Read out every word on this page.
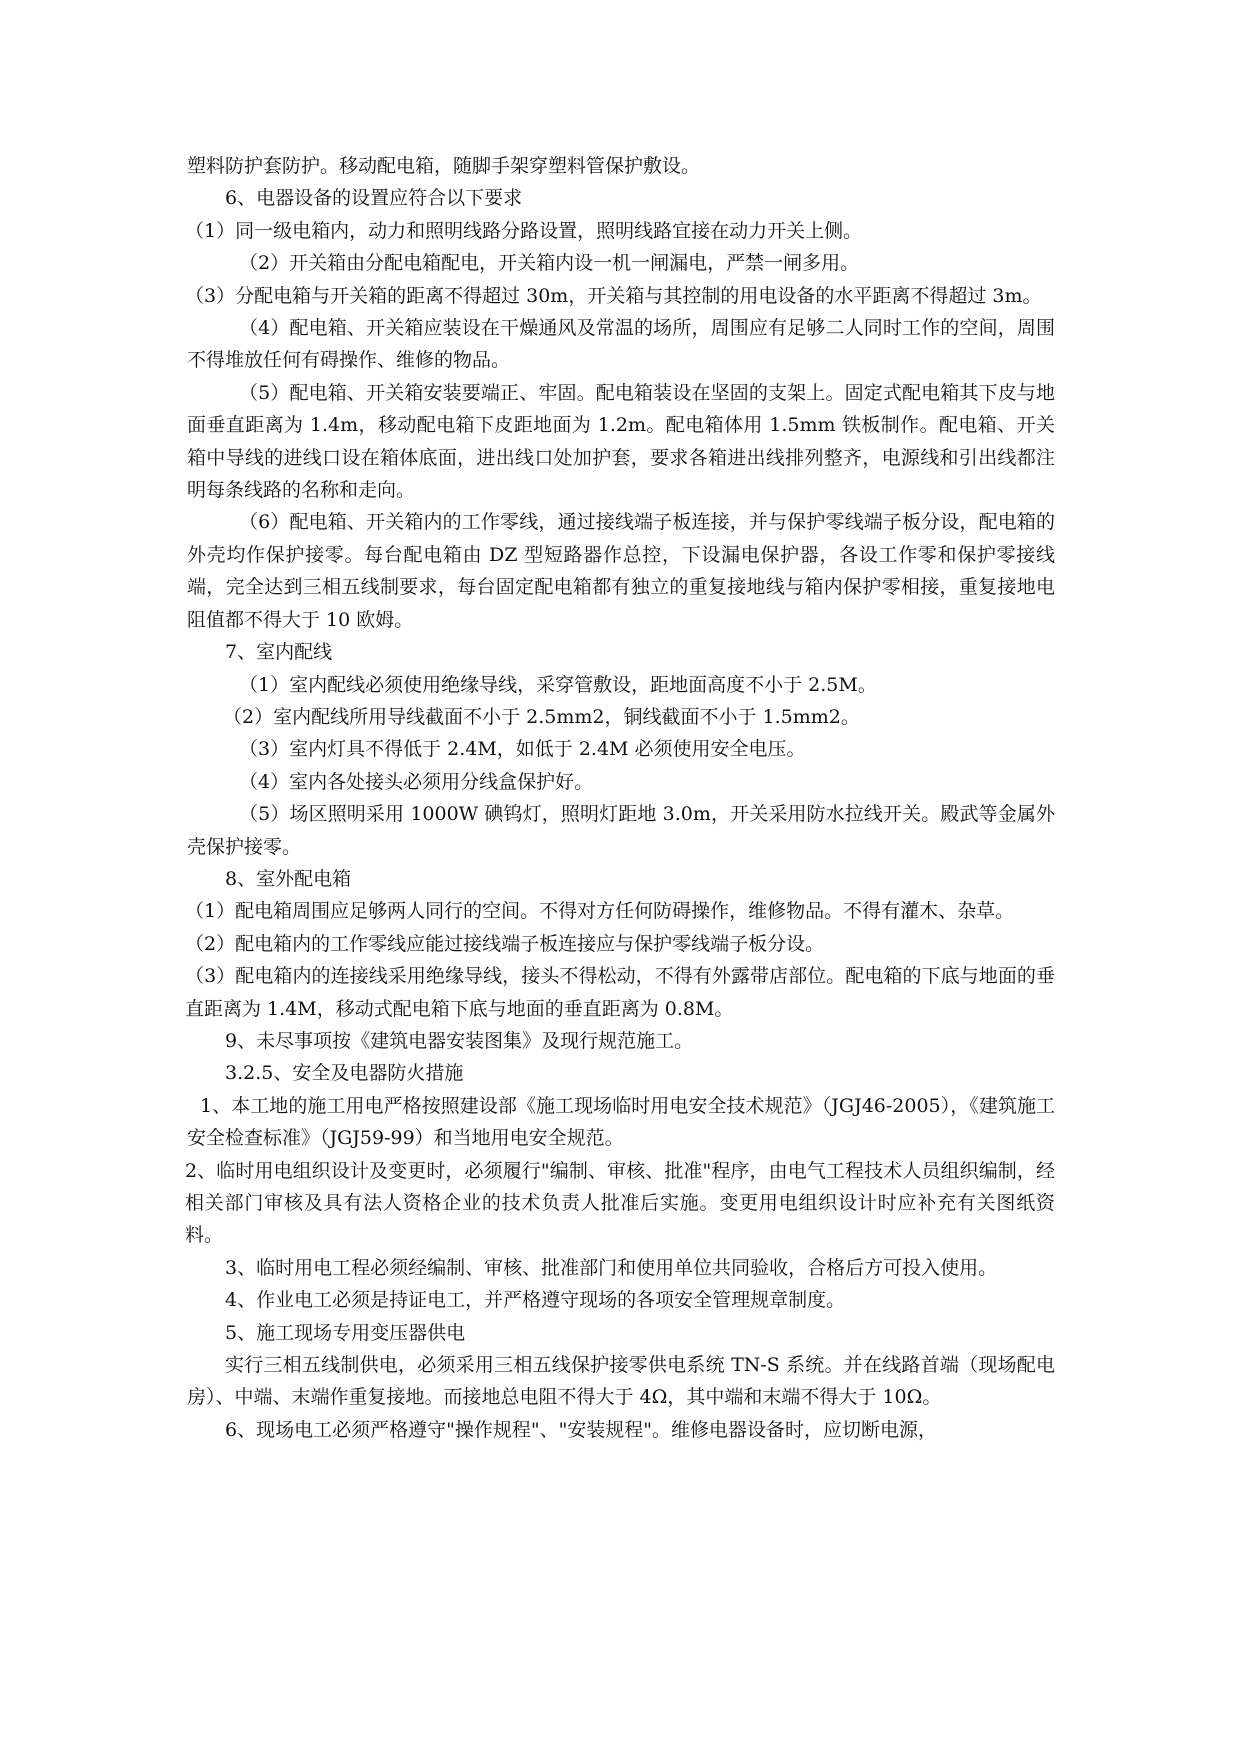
塑料防护套防护。移动配电箱，随脚手架穿塑料管保护敷设。

6、电器设备的设置应符合以下要求

（1）同一级电箱内，动力和照明线路分路设置，照明线路宜接在动力开关上侧。

（2）开关箱由分配电箱配电，开关箱内设一机一闸漏电，严禁一闸多用。

（3）分配电箱与开关箱的距离不得超过 30m，开关箱与其控制的用电设备的水平距离不得超过 3m。

（4）配电箱、开关箱应装设在干燥通风及常温的场所，周围应有足够二人同时工作的空间，周围不得堆放任何有碍操作、维修的物品。

（5）配电箱、开关箱安装要端正、牢固。配电箱装设在坚固的支架上。固定式配电箱其下皮与地面垂直距离为 1.4m，移动配电箱下皮距地面为 1.2m。配电箱体用 1.5mm 铁板制作。配电箱、开关箱中导线的进线口设在箱体底面，进出线口处加护套，要求各箱进出线排列整齐，电源线和引出线都注明每条线路的名称和走向。

（6）配电箱、开关箱内的工作零线，通过接线端子板连接，并与保护零线端子板分设，配电箱的外壳均作保护接零。每台配电箱由 DZ 型短路器作总控，下设漏电保护器，各设工作零和保护零接线端，完全达到三相五线制要求，每台固定配电箱都有独立的重复接地线与箱内保护零相接，重复接地电阻值都不得大于 10 欧姆。

7、室内配线

（1）室内配线必须使用绝缘导线，采穿管敷设，距地面高度不小于 2.5M。

（2）室内配线所用导线截面不小于 2.5mm2，铜线截面不小于 1.5mm2。

（3）室内灯具不得低于 2.4M，如低于 2.4M 必须使用安全电压。

（4）室内各处接头必须用分线盒保护好。

（5）场区照明采用 1000W 碘钨灯，照明灯距地 3.0m，开关采用防水拉线开关。殿武等金属外壳保护接零。

8、室外配电箱

（1）配电箱周围应足够两人同行的空间。不得对方任何防碍操作，维修物品。不得有灌木、杂草。

（2）配电箱内的工作零线应能过接线端子板连接应与保护零线端子板分设。

（3）配电箱内的连接线采用绝缘导线，接头不得松动，不得有外露带店部位。配电箱的下底与地面的垂直距离为 1.4M，移动式配电箱下底与地面的垂直距离为 0.8M。

9、未尽事项按《建筑电器安装图集》及现行规范施工。

3.2.5、安全及电器防火措施

1、本工地的施工用电严格按照建设部《施工现场临时用电安全技术规范》（JGJ46-2005），《建筑施工安全检查标准》（JGJ59-99）和当地用电安全规范。

2、临时用电组织设计及变更时，必须履行"编制、审核、批准"程序，由电气工程技术人员组织编制，经相关部门审核及具有法人资格企业的技术负责人批准后实施。变更用电组织设计时应补充有关图纸资料。

3、临时用电工程必须经编制、审核、批准部门和使用单位共同验收，合格后方可投入使用。

4、作业电工必须是持证电工，并严格遵守现场的各项安全管理规章制度。

5、施工现场专用变压器供电

实行三相五线制供电，必须采用三相五线保护接零供电系统 TN-S 系统。并在线路首端（现场配电房）、中端、末端作重复接地。而接地总电阻不得大于 4Ω，其中端和末端不得大于 10Ω。

6、现场电工必须严格遵守"操作规程"、"安装规程"。维修电器设备时，应切断电源，
